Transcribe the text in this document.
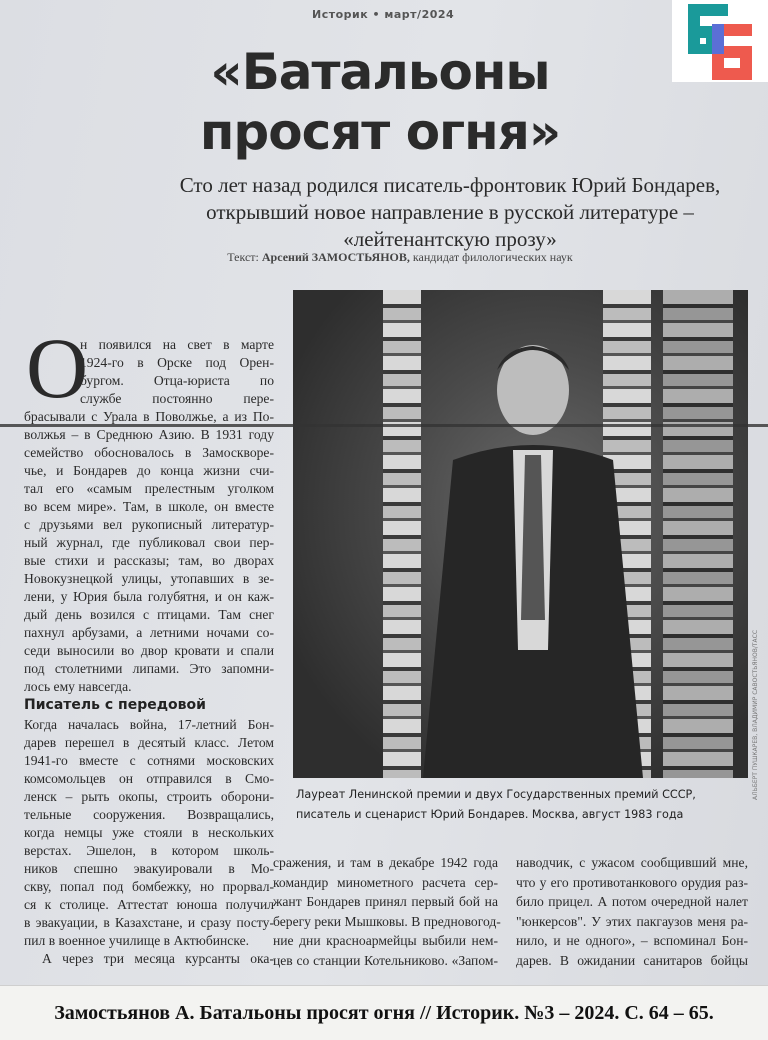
Историк • март/2024
«Батальоны
просят огня»
Сто лет назад родился писатель-фронтовик Юрий Бондарев, открывший новое направление в русской литературе – «лейтенантскую прозу»
Текст: Арсений ЗАМОСТЬЯНОВ, кандидат филологических наук
О
н появился на свет в марте
1924-го в Орске под Орен-
бургом. Отца-юриста по
службе постоянно пере-
брасывали с Урала в Поволжье, а из По-
волжья – в Среднюю Азию. В 1931 году
семейство обосновалось в Замоскворе-
чье, и Бондарев до конца жизни счи-
тал его «самым прелестным уголком
во всем мире». Там, в школе, он вместе
с друзьями вел рукописный литератур-
ный журнал, где публиковал свои пер-
вые стихи и рассказы; там, во дворах
Новокузнецкой улицы, утопавших в зе-
лени, у Юрия была голубятня, и он каж-
дый день возился с птицами. Там снег
пахнул арбузами, а летними ночами со-
седи выносили во двор кровати и спали
под столетними липами. Это запомни-
лось ему навсегда.
Писатель с передовой
Когда началась война, 17-летний Бон-
дарев перешел в десятый класс. Летом
1941-го вместе с сотнями московских
комсомольцев он отправился в Смо-
ленск – рыть окопы, строить оборони-
тельные сооружения. Возвращались,
когда немцы уже стояли в нескольких
верстах. Эшелон, в котором школь-
ников спешно эвакуировали в Мо-
скву, попал под бомбежку, но прорвал-
ся к столице. Аттестат юноша получил
в эвакуации, в Казахстане, и сразу посту-
пил в военное училище в Актюбинске.
А через три месяца курсанты ока-
АЛЬБЕРТ ПУШКАРЕВ, ВЛАДИМИР САВОСТЬЯНОВ/ТАСС
Лауреат Ленинской премии и двух Государственных премий СССР,
писатель и сценарист Юрий Бондарев. Москва, август 1983 года
сражения, и там в декабре 1942 года
командир минометного расчета сер-
жант Бондарев принял первый бой на
берегу реки Мышковы. В предновогод-
ние дни красноармейцы выбили нем-
цев со станции Котельниково. «Запом-
наводчик, с ужасом сообщивший мне,
что у его противотанкового орудия раз-
било прицел. А потом очередной налет
"юнкерсов". У этих пакгаузов меня ра-
нило, и не одного», – вспоминал Бон-
дарев. В ожидании санитаров бойцы
Замостьянов А. Батальоны просят огня // Историк. №3 – 2024. С. 64 – 65.
